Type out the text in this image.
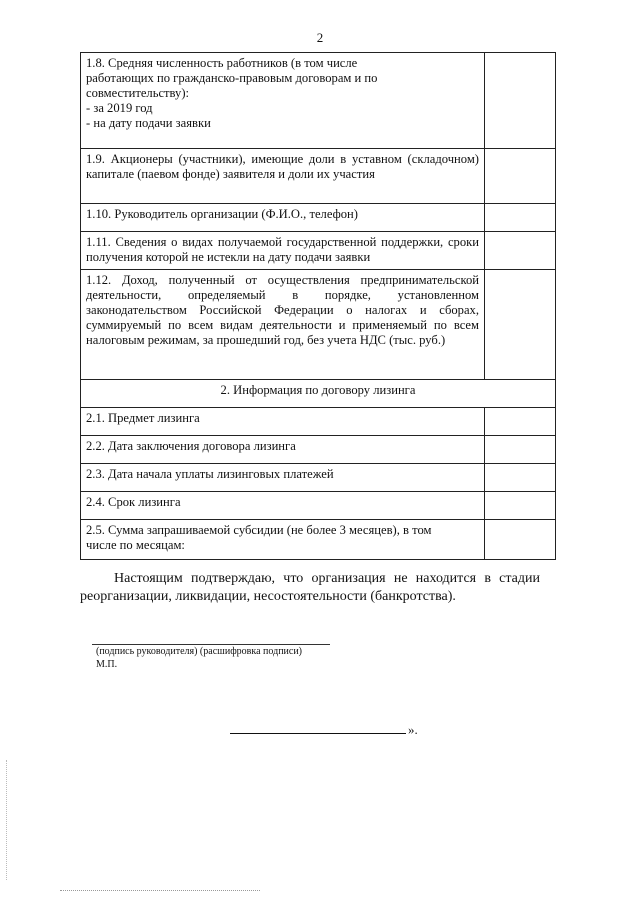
2
1.8. Средняя численность работников (в том числе
работающих по гражданско-правовым договорам и по
совместительству):
- за 2019 год
- на дату подачи заявки	

1.9. Акционеры (участники), имеющие доли в уставном (складочном) капитале (паевом фонде) заявителя и доли их участия	
1.10. Руководитель организации (Ф.И.О., телефон)	
1.11. Сведения о видах получаемой государственной поддержки, сроки получения которой не истекли на дату подачи заявки	
1.12. Доход, полученный от осуществления предпринимательской деятельности, определяемый в порядке, установленном законодательством Российской Федерации о налогах и сборах, суммируемый по всем видам деятельности и применяемый по всем налоговым режимам, за прошедший год, без учета НДС (тыс. руб.)	
2. Информация по договору лизинга	
2.1. Предмет лизинга	
2.2. Дата заключения договора лизинга	
2.3. Дата начала уплаты лизинговых платежей	
2.4. Срок лизинга	

2.5. Сумма запрашиваемой субсидии (не более 3 месяцев), в том
числе по месяцам:	

Настоящим подтверждаю, что организация не находится в стадии реорганизации, ликвидации, несостоятельности (банкротства).
(подпись руководителя) (расшифровка подписи)
М.П.
».
